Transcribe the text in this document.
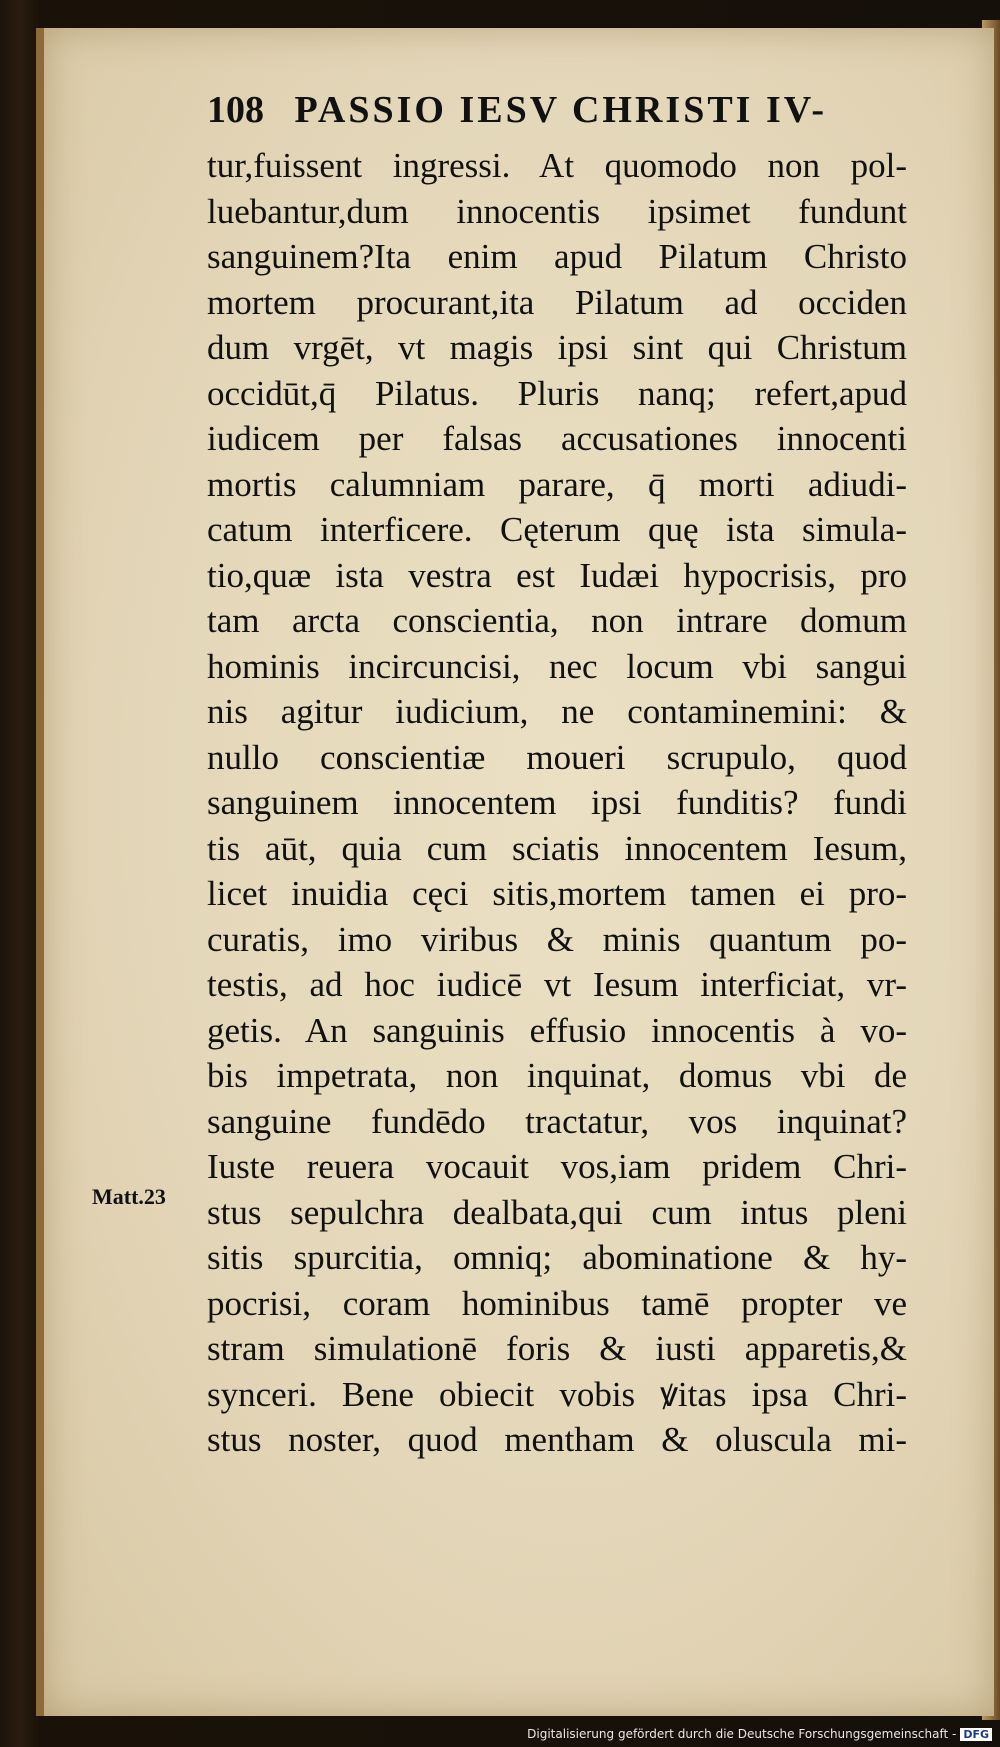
108 PASSIO IESV CHRISTI IV-
Matt.23
tur,fuissent ingressi. At quomodo non pol-
luebantur,dum innocentis ipsimet fundunt
sanguinem?Ita enim apud Pilatum Christo
mortem procurant,ita Pilatum ad occiden
dum vrgēt, vt magis ipsi sint qui Christum
occidūt,q̄ Pilatus. Pluris nanq; refert,apud
iudicem per falsas accusationes innocenti
mortis calumniam parare, q̄ morti adiudi-
catum interficere. Cęterum quę ista simula-
tio,quæ ista vestra est Iudæi hypocrisis, pro
tam arcta conscientia, non intrare domum
hominis incircuncisi, nec locum vbi sangui
nis agitur iudicium, ne contaminemini: &
nullo conscientiæ moueri scrupulo, quod
sanguinem innocentem ipsi funditis? fundi
tis aūt, quia cum sciatis innocentem Iesum,
licet inuidia cęci sitis,mortem tamen ei pro-
curatis, imo viribus & minis quantum po-
testis, ad hoc iudicē vt Iesum interficiat, vr-
getis. An sanguinis effusio innocentis à vo-
bis impetrata, non inquinat, domus vbi de
sanguine fundēdo tractatur, vos inquinat?
Iuste reuera vocauit vos,iam pridem Chri-
stus sepulchra dealbata,qui cum intus pleni
sitis spurcitia, omniq; abominatione & hy-
pocrisi, coram hominibus tamē propter ve
stram simulationē foris & iusti apparetis,&
synceri. Bene obiecit vobis ꝟitas ipsa Chri-
stus noster, quod mentham & oluscula mi-
Digitalisierung gefördert durch die Deutsche Forschungsgemeinschaft - DFG
